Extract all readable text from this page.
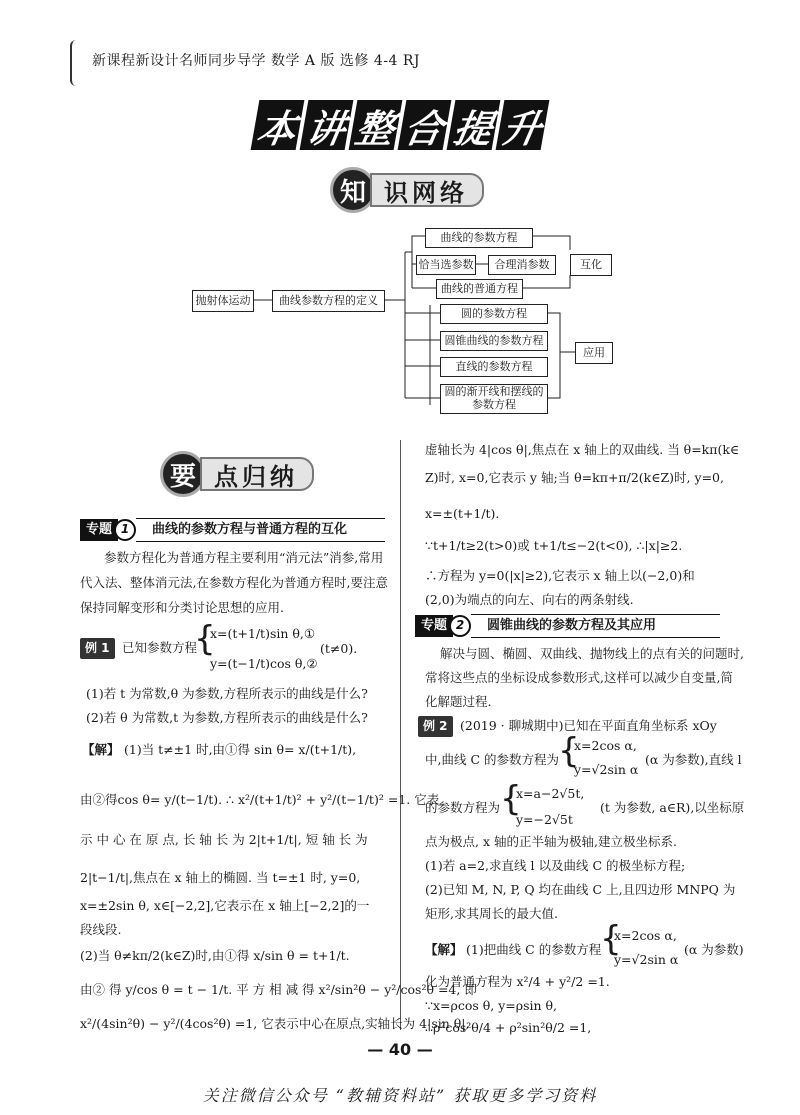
新课程新设计名师同步导学 数学 A 版 选修 4-4 RJ
本 讲 整 合 提 升
知 识网络
抛射体运动	曲线参数方程的定义
曲线的参数方程
恰当选参数	合理消参数	互化
曲线的普通方程
圆的参数方程
圆锥曲线的参数方程
直线的参数方程
圆的渐开线和摆线的参数方程
应用
要 点归纳
专题 1	曲线的参数方程与普通方程的互化
参数方程化为普通方程主要利用“消元法”消参,常用
代入法、整体消元法,在参数方程化为普通方程时,要注意
保持同解变形和分类讨论思想的应用.
例 1 已知参数方程
{
x=(t+1/t)sin θ,①
y=(t−1/t)cos θ,②
(t≠0).
(1)若 t 为常数,θ 为参数,方程所表示的曲线是什么?
(2)若 θ 为常数,t 为参数,方程所表示的曲线是什么?
【解】 (1)当 t≠±1 时,由①得 sin θ= x/(t+1/t),
由②得cos θ= y/(t−1/t). ∴ x²/(t+1/t)² + y²/(t−1/t)² =1. 它表
示 中 心 在 原 点, 长 轴 长 为 2|t+1/t|, 短 轴 长 为
2|t−1/t|,焦点在 x 轴上的椭圆. 当 t=±1 时, y=0,
x=±2sin θ, x∈[−2,2],它表示在 x 轴上[−2,2]的一
段线段.
(2)当 θ≠kπ/2(k∈Z)时,由①得 x/sin θ = t+1/t.
由② 得 y/cos θ = t − 1/t. 平 方 相 减 得 x²/sin²θ − y²/cos²θ =4, 即
x²/(4sin²θ) − y²/(4cos²θ) =1, 它表示中心在原点,实轴长为 4|sin θ|,
虚轴长为 4|cos θ|,焦点在 x 轴上的双曲线. 当 θ=kπ(k∈
Z)时, x=0,它表示 y 轴;当 θ=kπ+π/2(k∈Z)时, y=0,
x=±(t+1/t).
∵t+1/t≥2(t>0)或 t+1/t≤−2(t<0), ∴|x|≥2.
∴方程为 y=0(|x|≥2),它表示 x 轴上以(−2,0)和
(2,0)为端点的向左、向右的两条射线.
专题 2	圆锥曲线的参数方程及其应用
解决与圆、椭圆、双曲线、抛物线上的点有关的问题时,
常将这些点的坐标设成参数形式,这样可以减少自变量,简
化解题过程.
例 2 (2019 · 聊城期中)已知在平面直角坐标系 xOy
中,曲线 C 的参数方程为 {
x=2cos α,
y=√2sin α
(α 为参数),直线 l
的参数方程为 {
x=a−2√5t,
y=−2√5t
(t 为参数, a∈R),以坐标原
点为极点, x 轴的正半轴为极轴,建立极坐标系.
(1)若 a=2,求直线 l 以及曲线 C 的极坐标方程;
(2)已知 M, N, P, Q 均在曲线 C 上,且四边形 MNPQ 为
矩形,求其周长的最大值.
【解】 (1)把曲线 C 的参数方程
{
x=2cos α,
y=√2sin α
(α 为参数)
化为普通方程为 x²/4 + y²/2 =1.
∵x=ρcos θ, y=ρsin θ,
∴ρ²cos²θ/4 + ρ²sin²θ/2 =1,
— 40 —
关注微信公众号 “教辅资料站” 获取更多学习资料
